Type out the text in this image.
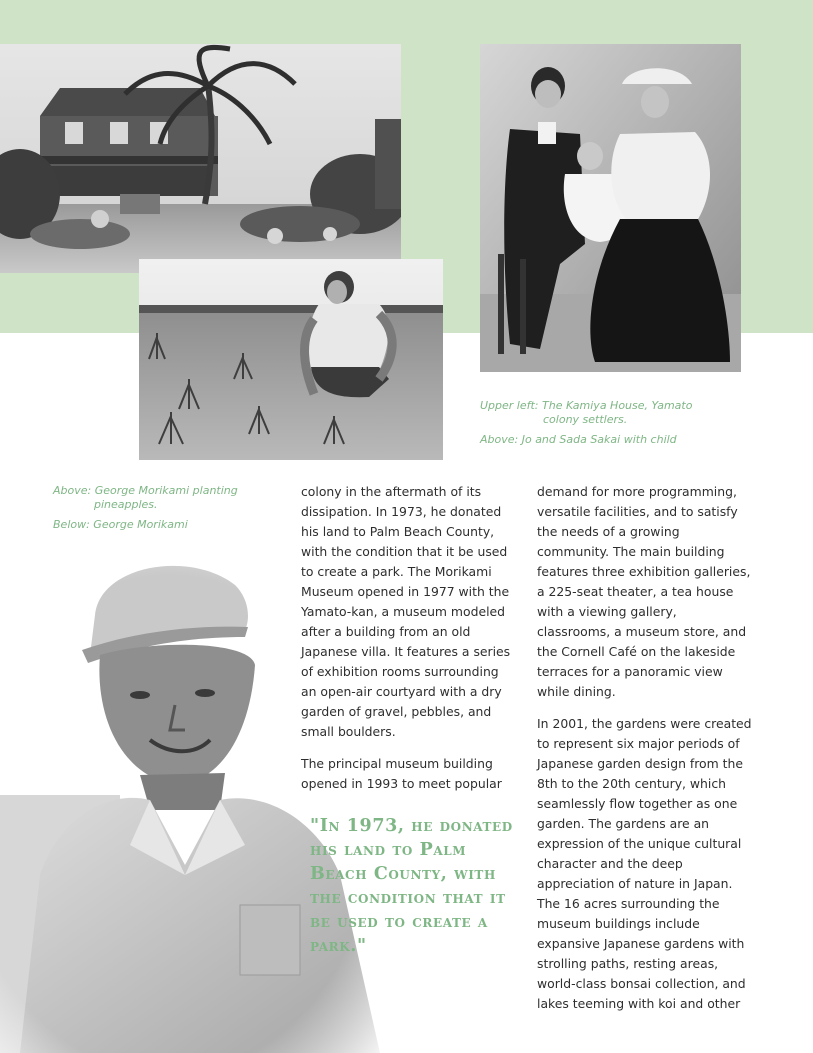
Upper left: The Kamiya House, Yamato

colony settlers.

Above: Jo and Sada Sakai with child

Above: George Morikami planting

pineapples.

Below: George Morikami

colony in the aftermath of its dissipation. In 1973, he donated his land to Palm Beach County, with the condition that it be used to create a park. The Morikami Museum opened in 1977 with the Yamato-kan, a museum modeled after a building from an old Japanese villa. It features a series of exhibition rooms surrounding an open-air courtyard with a dry garden of gravel, pebbles, and small boulders.

The principal museum building opened in 1993 to meet popular

"In 1973, he donated his land to Palm Beach County, with the condition that it be used to create a park."

demand for more programming, versatile facilities, and to satisfy the needs of a growing community. The main building features three exhibition galleries, a 225-seat theater, a tea house with a viewing gallery, classrooms, a museum store, and the Cornell Café on the lakeside terraces for a panoramic view while dining.

In 2001, the gardens were created to represent six major periods of Japanese garden design from the 8th to the 20th century, which seamlessly flow together as one garden. The gardens are an expression of the unique cultural character and the deep appreciation of nature in Japan. The 16 acres surrounding the museum buildings include expansive Japanese gardens with strolling paths, resting areas, world-class bonsai collection, and lakes teeming with koi and other
